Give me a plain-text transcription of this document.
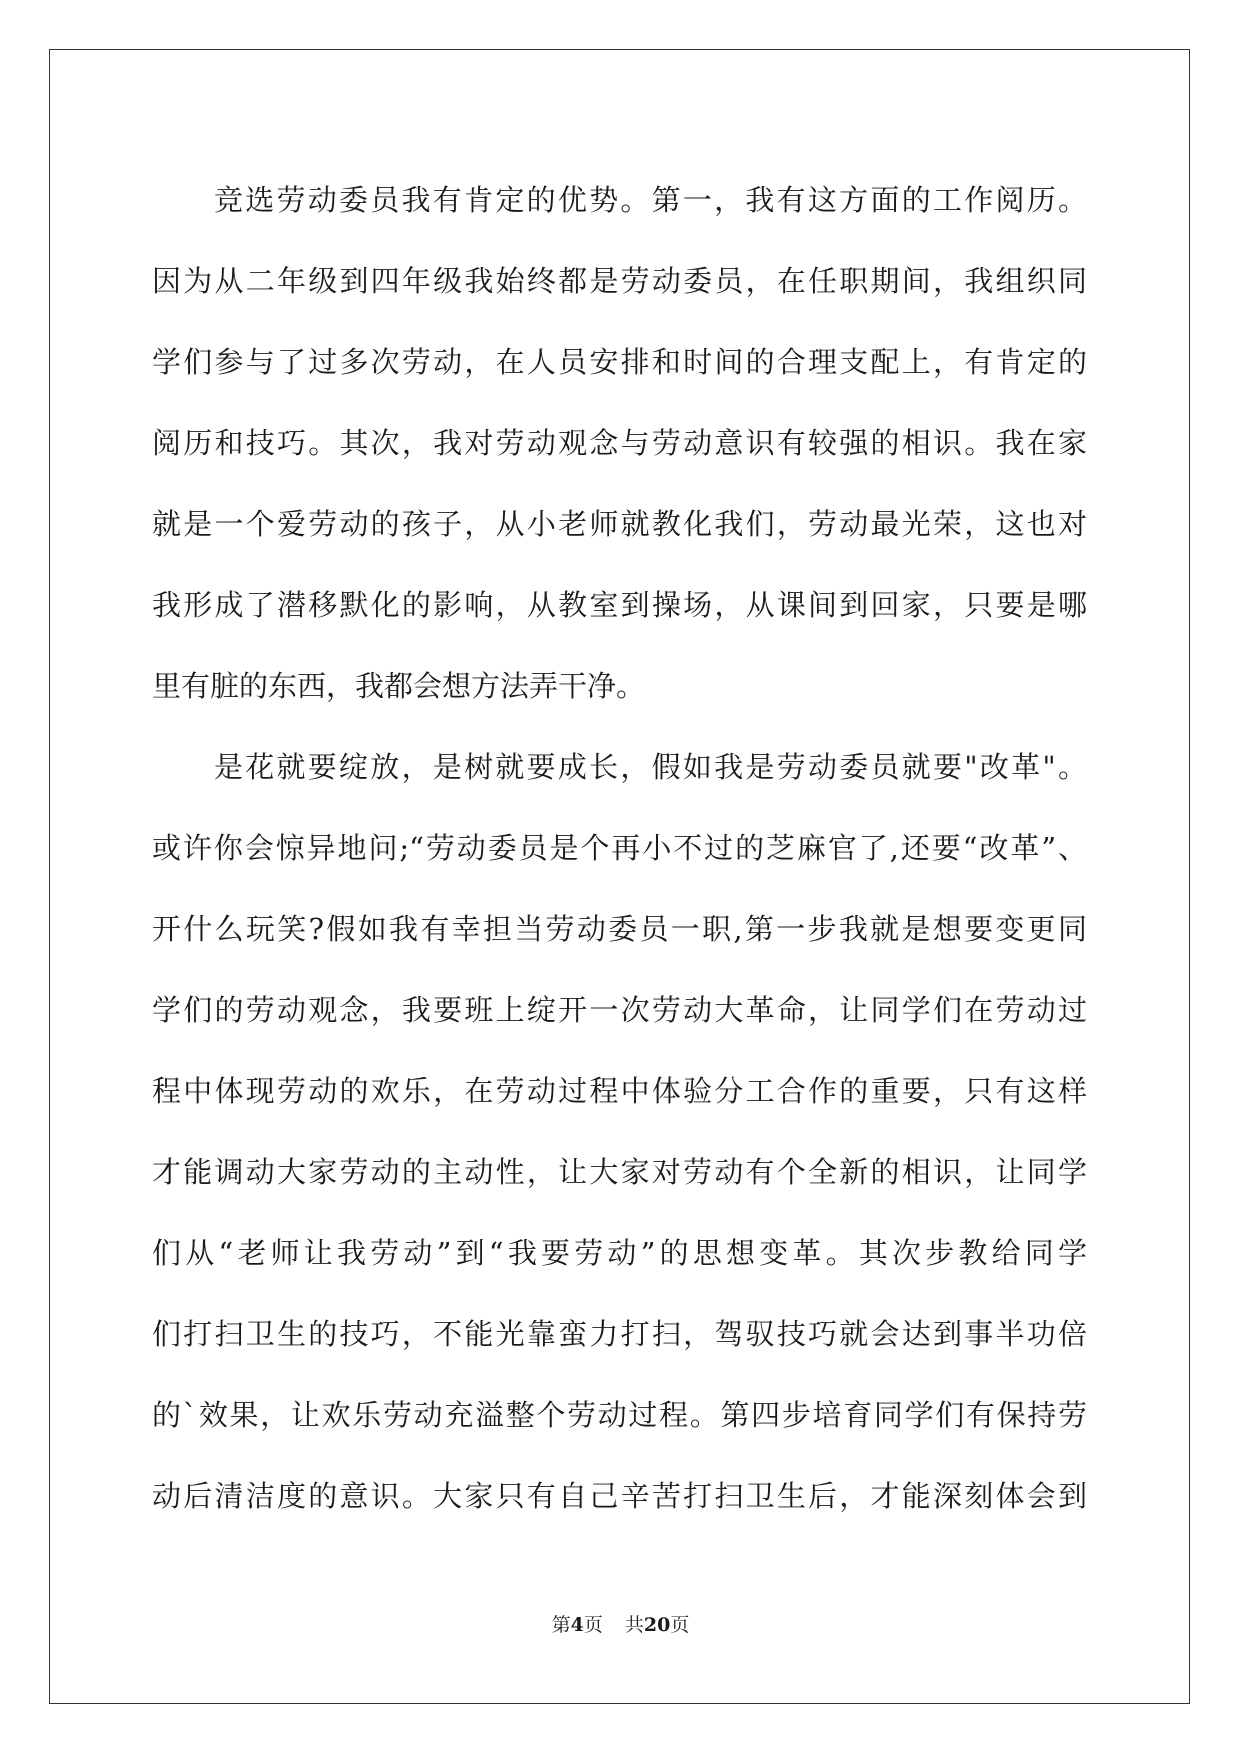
竞选劳动委员我有肯定的优势。第一，我有这方面的工作阅历。
因为从二年级到四年级我始终都是劳动委员，在任职期间，我组织同
学们参与了过多次劳动，在人员安排和时间的合理支配上，有肯定的
阅历和技巧。其次，我对劳动观念与劳动意识有较强的相识。我在家
就是一个爱劳动的孩子，从小老师就教化我们，劳动最光荣，这也对
我形成了潜移默化的影响，从教室到操场，从课间到回家，只要是哪
里有脏的东西，我都会想方法弄干净。
是花就要绽放，是树就要成长，假如我是劳动委员就要"改革"。
或许你会惊异地问;“劳动委员是个再小不过的芝麻官了,还要“改革”、
开什么玩笑?假如我有幸担当劳动委员一职,第一步我就是想要变更同
学们的劳动观念，我要班上绽开一次劳动大革命，让同学们在劳动过
程中体现劳动的欢乐，在劳动过程中体验分工合作的重要，只有这样
才能调动大家劳动的主动性，让大家对劳动有个全新的相识，让同学
们从“老师让我劳动”到“我要劳动”的思想变革。其次步教给同学
们打扫卫生的技巧，不能光靠蛮力打扫，驾驭技巧就会达到事半功倍
的`效果，让欢乐劳动充溢整个劳动过程。第四步培育同学们有保持劳
动后清洁度的意识。大家只有自己辛苦打扫卫生后，才能深刻体会到
第4页 共20页
